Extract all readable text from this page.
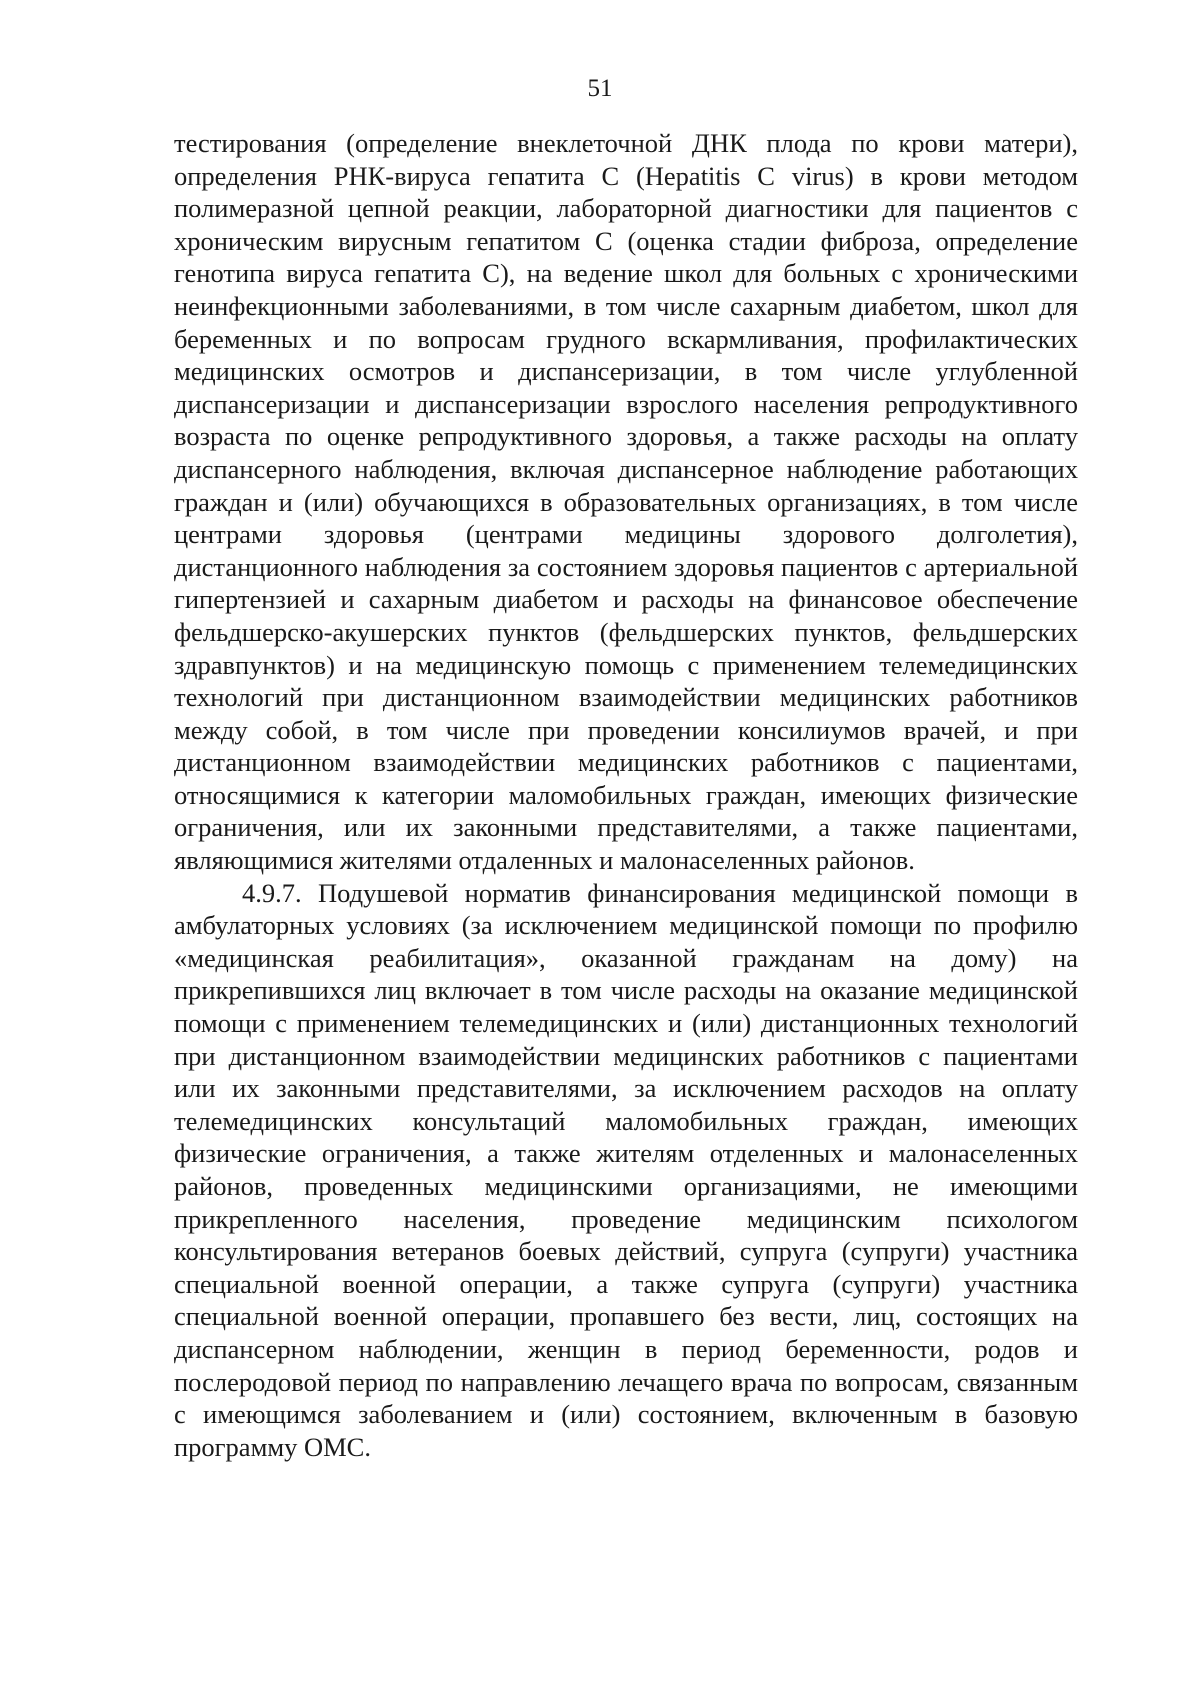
51

тестирования (определение внеклеточной ДНК плода по крови матери), определения РНК-вируса гепатита С (Hepatitis C virus) в крови методом полимеразной цепной реакции, лабораторной диагностики для пациентов с хроническим вирусным гепатитом С (оценка стадии фиброза, определение генотипа вируса гепатита С), на ведение школ для больных с хроническими неинфекционными заболеваниями, в том числе сахарным диабетом, школ для беременных и по вопросам грудного вскармливания, профилактических медицинских осмотров и диспансеризации, в том числе углубленной диспансеризации и диспансеризации взрослого населения репродуктивного возраста по оценке репродуктивного здоровья, а также расходы на оплату диспансерного наблюдения, включая диспансерное наблюдение работающих граждан и (или) обучающихся в образовательных организациях, в том числе центрами здоровья (центрами медицины здорового долголетия), дистанционного наблюдения за состоянием здоровья пациентов с артериальной гипертензией и сахарным диабетом и расходы на финансовое обеспечение фельдшерско-акушерских пунктов (фельдшерских пунктов, фельдшерских здравпунктов) и на медицинскую помощь с применением телемедицинских технологий при дистанционном взаимодействии медицинских работников между собой, в том числе при проведении консилиумов врачей, и при дистанционном взаимодействии медицинских работников с пациентами, относящимися к категории маломобильных граждан, имеющих физические ограничения, или их законными представителями, а также пациентами, являющимися жителями отдаленных и малонаселенных районов.

4.9.7. Подушевой норматив финансирования медицинской помощи в амбулаторных условиях (за исключением медицинской помощи по профилю «медицинская реабилитация», оказанной гражданам на дому) на прикрепившихся лиц включает в том числе расходы на оказание медицинской помощи с применением телемедицинских и (или) дистанционных технологий при дистанционном взаимодействии медицинских работников с пациентами или их законными представителями, за исключением расходов на оплату телемедицинских консультаций маломобильных граждан, имеющих физические ограничения, а также жителям отделенных и малонаселенных районов, проведенных медицинскими организациями, не имеющими прикрепленного населения, проведение медицинским психологом консультирования ветеранов боевых действий, супруга (супруги) участника специальной военной операции, а также супруга (супруги) участника специальной военной операции, пропавшего без вести, лиц, состоящих на диспансерном наблюдении, женщин в период беременности, родов и послеродовой период по направлению лечащего врача по вопросам, связанным с имеющимся заболеванием и (или) состоянием, включенным в базовую программу ОМС.
